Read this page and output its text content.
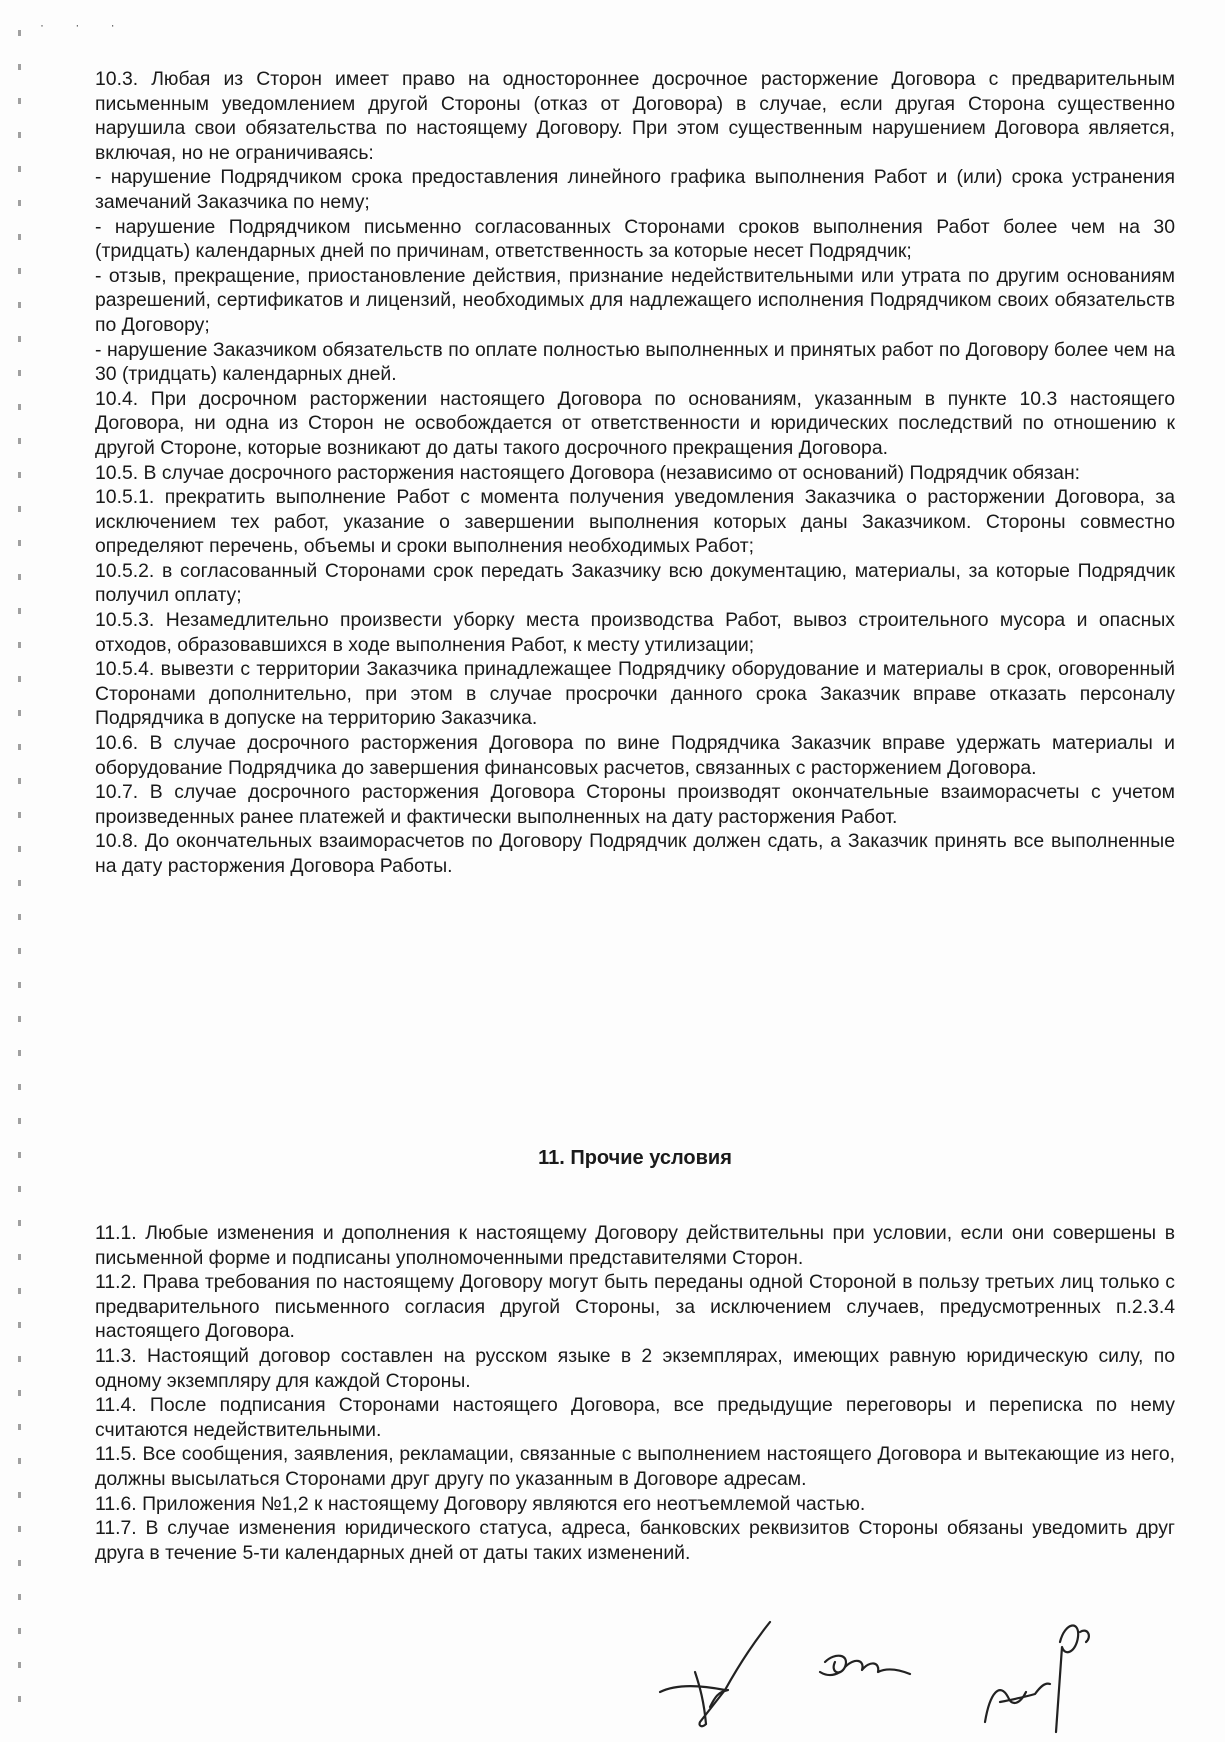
· · ·

10.3. Любая из Сторон имеет право на одностороннее досрочное расторжение Договора с предварительным письменным уведомлением другой Стороны (отказ от Договора) в случае, если другая Сторона существенно нарушила свои обязательства по настоящему Договору. При этом существенным нарушением Договора является, включая, но не ограничиваясь:

- нарушение Подрядчиком срока предоставления линейного графика выполнения Работ и (или) срока устранения замечаний Заказчика по нему;

- нарушение Подрядчиком письменно согласованных Сторонами сроков выполнения Работ более чем на 30 (тридцать) календарных дней по причинам, ответственность за которые несет Подрядчик;

- отзыв, прекращение, приостановление действия, признание недействительными или утрата по другим основаниям разрешений, сертификатов и лицензий, необходимых для надлежащего исполнения Подрядчиком своих обязательств по Договору;

- нарушение Заказчиком обязательств по оплате полностью выполненных и принятых работ по Договору более чем на 30 (тридцать) календарных дней.

10.4. При досрочном расторжении настоящего Договора по основаниям, указанным в пункте 10.3 настоящего Договора, ни одна из Сторон не освобождается от ответственности и юридических последствий по отношению к другой Стороне, которые возникают до даты такого досрочного прекращения Договора.

10.5. В случае досрочного расторжения настоящего Договора (независимо от оснований) Подрядчик обязан:

10.5.1. прекратить выполнение Работ с момента получения уведомления Заказчика о расторжении Договора, за исключением тех работ, указание о завершении выполнения которых даны Заказчиком. Стороны совместно определяют перечень, объемы и сроки выполнения необходимых Работ;

10.5.2. в согласованный Сторонами срок передать Заказчику всю документацию, материалы, за которые Подрядчик получил оплату;

10.5.3. Незамедлительно произвести уборку места производства Работ, вывоз строительного мусора и опасных отходов, образовавшихся в ходе выполнения Работ, к месту утилизации;

10.5.4. вывезти с территории Заказчика принадлежащее Подрядчику оборудование и материалы в срок, оговоренный Сторонами дополнительно, при этом в случае просрочки данного срока Заказчик вправе отказать персоналу Подрядчика в допуске на территорию Заказчика.

10.6. В случае досрочного расторжения Договора по вине Подрядчика Заказчик вправе удержать материалы и оборудование Подрядчика до завершения финансовых расчетов, связанных с расторжением Договора.

10.7. В случае досрочного расторжения Договора Стороны производят окончательные взаиморасчеты с учетом произведенных ранее платежей и фактически выполненных на дату расторжения Работ.

10.8. До окончательных взаиморасчетов по Договору Подрядчик должен сдать, а Заказчик принять все выполненные на дату расторжения Договора Работы.

11. Прочие условия

11.1. Любые изменения и дополнения к настоящему Договору действительны при условии, если они совершены в письменной форме и подписаны уполномоченными представителями Сторон.

11.2. Права требования по настоящему Договору могут быть переданы одной Стороной в пользу третьих лиц только с предварительного письменного согласия другой Стороны, за исключением случаев, предусмотренных п.2.3.4 настоящего Договора.

11.3. Настоящий договор составлен на русском языке в 2 экземплярах, имеющих равную юридическую силу, по одному экземпляру для каждой Стороны.

11.4. После подписания Сторонами настоящего Договора, все предыдущие переговоры и переписка по нему считаются недействительными.

11.5. Все сообщения, заявления, рекламации, связанные с выполнением настоящего Договора и вытекающие из него, должны высылаться Сторонами друг другу по указанным в Договоре адресам.

11.6. Приложения №1,2 к настоящему Договору являются его неотъемлемой частью.

11.7. В случае изменения юридического статуса, адреса, банковских реквизитов Стороны обязаны уведомить друг друга в течение 5-ти календарных дней от даты таких изменений.
